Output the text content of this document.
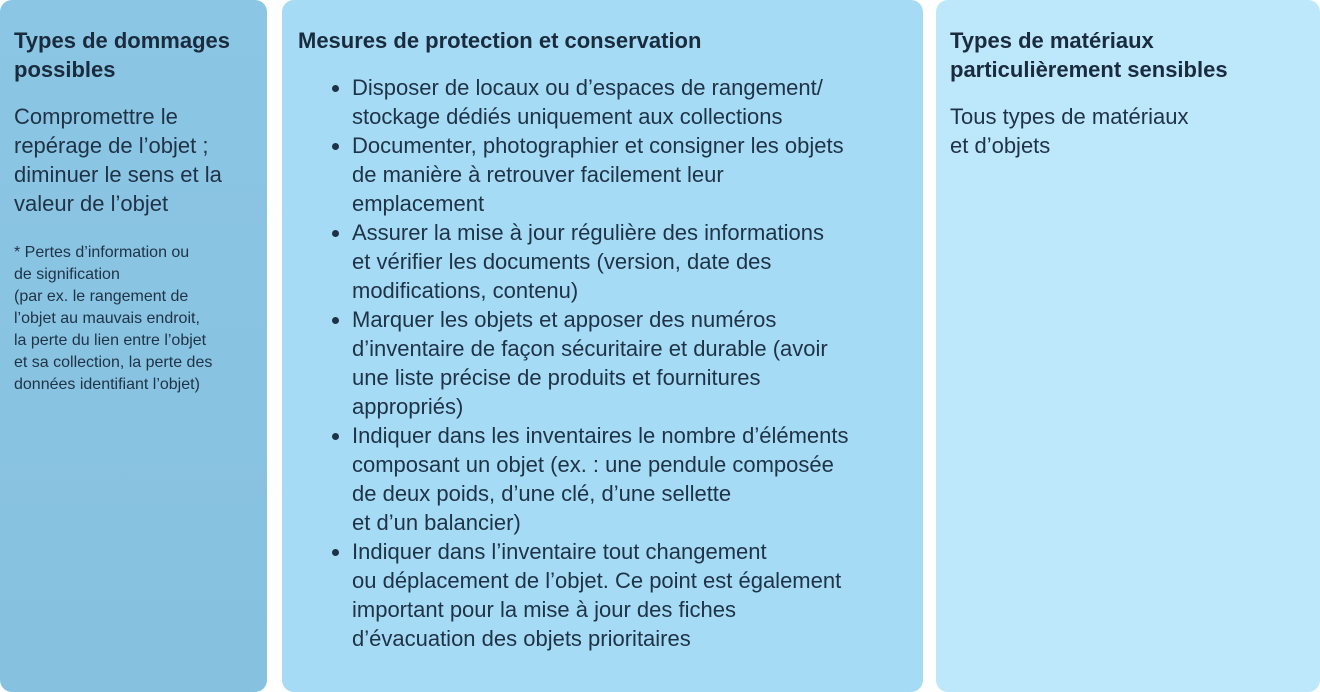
Types de dommages possibles

Compromettre le
repérage de l’objet ;
diminuer le sens et la
valeur de l’objet

* Pertes d’information ou
de signification
(par ex. le rangement de
l’objet au mauvais endroit,
la perte du lien entre l’objet
et sa collection, la perte des
données identifiant l’objet)

Mesures de protection et conservation
Disposer de locaux ou d’espaces de rangement/
stockage dédiés uniquement aux collections
Documenter, photographier et consigner les objets
de manière à retrouver facilement leur
emplacement
Assurer la mise à jour régulière des informations
et vérifier les documents (version, date des
modifications, contenu)
Marquer les objets et apposer des numéros
d’inventaire de façon sécuritaire et durable (avoir
une liste précise de produits et fournitures
appropriés)
Indiquer dans les inventaires le nombre d’éléments
composant un objet (ex. : une pendule composée
de deux poids, d’une clé, d’une sellette
et d’un balancier)
Indiquer dans l’inventaire tout changement
ou déplacement de l’objet. Ce point est également
important pour la mise à jour des fiches
d’évacuation des objets prioritaires
Types de matériaux particulièrement sensibles

Tous types de matériaux
et d’objets
